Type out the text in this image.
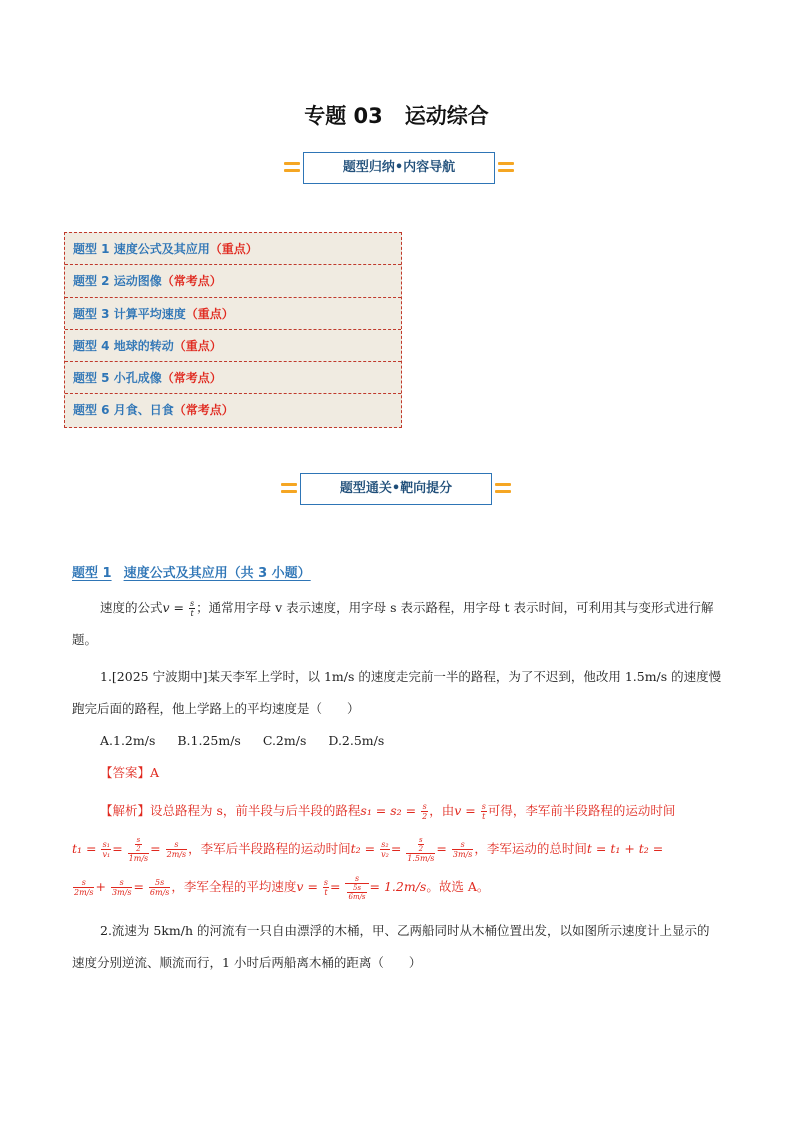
专题 03 运动综合
题型归纳•内容导航
题型 1 速度公式及其应用（重点）
题型 2 运动图像（常考点）
题型 3 计算平均速度（重点）
题型 4 地球的转动（重点）
题型 5 小孔成像（常考点）
题型 6 月食、日食（常考点）
题型通关•靶向提分
题型 1 速度公式及其应用（共 3 小题）
速度的公式$v = \frac{s}{t}$ ；通常用字母 v 表示速度，用字母 s 表示路程，用字母 t 表示时间，可利用其与变形式进行解题。
1.[2025 宁波期中]某天李军上学时，以 1m/s 的速度走完前一半的路程，为了不迟到，他改用 1.5m/s 的速度慢跑完后面的路程，他上学路上的平均速度是（　　）
A.1.2m/s B.1.25m/s C.2m/s D.2.5m/s
【答案】A
【解析】设总路程为 s，前半段与后半段的路程$s_1 = s_2 = \frac{s}{2}$ ，由$v = \frac{s}{t}$ 可得，李军前半段路程的运动时间
$t_1 = \frac{\text{s₁}}{\text{v₁}} = \frac{\frac{s}{2}}{1m/s} = \frac{s}{2m/s}$ ，李军后半段路程的运动时间$t_2 = \frac{\text{s₂}}{\text{v₂}} = \frac{\frac{s}{2}}{1.5m/s} = \frac{s}{3m/s}$ ，李军运动的总时间t = t₁ + t₂ =

$\frac{s}{2m/s} + \frac{s}{3m/s} = \frac{5s}{6m/s}$ ，李军全程的平均速度$v = \frac{s}{t} = \frac{s}{\frac{5s}{6m/s}} = 1.2m/s$。故选 A。
2.流速为 5km/h 的河流有一只自由漂浮的木桶，甲、乙两船同时从木桶位置出发，以如图所示速度计上显示的速度分别逆流、顺流而行，1 小时后两船离木桶的距离（　　）
